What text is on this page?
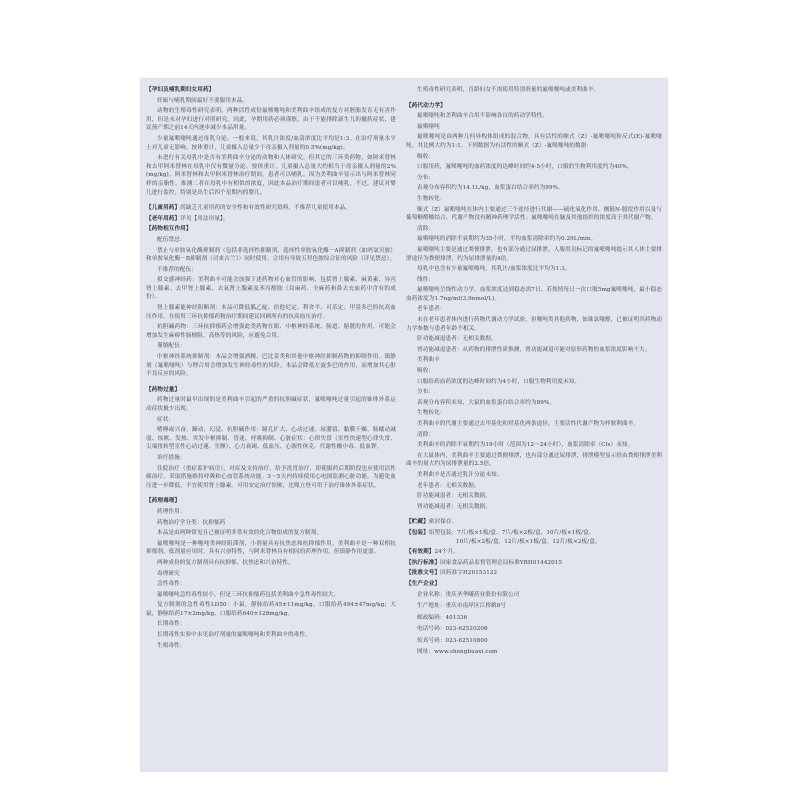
【孕妇及哺乳期妇女用药】
妊娠与哺乳期间最好不要服用本品。
动物的生殖毒性研究表明，两种活性成份氟哌噻吨和美利曲辛组成的复方对胚胎发育无有害作用，但是未对孕妇进行对照研究。因此，孕期用药必须谨慎，由于不能排除新生儿的撤药症状，建议预产期之前14天内逐步减少本品用量。
少量氟哌噻吨通过母乳分泌。一般来说，其乳汁浓度/血清浓度比平均是1:3。在治疗剂量水平上对儿童无影响。按体重计，儿童摄入总量少于母亲摄入剂量的0.5%(mg/kg)。
未进行有关母乳中是否有美利曲辛分泌的动物和人体研究。但其它的三环类药物，如阿米替林和去甲阿米替林在母乳中仅有微量分泌。按体重计，儿童摄入总量大约相当于母亲摄入剂量的2%(mg/kg)。阿米替林和去甲阿米替林治疗期间，患者可以哺乳。因为美利曲辛显示出与阿米替林同样的亲脂性，推测二者在母乳中有相似的浓度，因此本品治疗期间患者可以哺乳。不过，建议对婴儿进行监控，特别是出生后四个星期内的婴儿。
【儿童用药】尚缺乏儿童用药的安全性和有效性研究资料，不推荐儿童使用本品。
【老年用药】详见【用法用量】。
【药物相互作用】
配伍禁忌：
禁止与单胺氧化酶抑制剂（包括非选择性抑制剂、选择性单胺氧化酶－A抑制剂（如吗氯贝胺）和单胺氧化酶－B抑制剂（司来吉兰））同时使用，合用有导致五羟色胺综合征的风险（详见禁忌）。
不推荐的配伍：
拟交感神经药：美利曲辛可能会加强下述药物对心血管的影响，包括肾上腺素、麻黄素、异丙肾上腺素、去甲肾上腺素、去氧肾上腺素及苯丙醇胺（局麻药、全麻药和鼻去充血药中含有的成份）。
肾上腺素能神经阻断剂：本品可降低胍乙啶、倍他尼定、利舍平、可乐定、甲基多巴的抗高血压作用。在使用三环抗抑郁药物治疗期间建议回顾所有的抗高血压治疗。
抗胆碱药物：三环抗抑郁药会增强此类药物在眼、中枢神经系统、肠道、膀胱的作用，可能会增加发生麻痹性肠梗阻、高热等的风险，应避免合用。
谨慎配伍：
中枢神经系统抑制剂：本品会增强酒精、巴比妥类和其他中枢神经抑制药物的抑制作用。镇静剂（氟哌噻吨）与锂合用会增加发生神经毒性的风险。本品会降低左旋多巴的作用，而增加其心脏不良反应的风险。
【药物过量】
药物过量时最早出现的是美利曲辛引起的严重的抗胆碱症状，氟哌噻吨过量引起的锥体外系运动症状极少出现。
症状：
嗜睡或兴奋、躁动、幻觉、抗胆碱作用：瞳孔扩大、心动过速、尿潴留、黏膜干燥、肠蠕动减弱、惊厥、发热、突发中枢抑制、昏迷、呼吸抑制、心脏症状：心律失常（室性快速型心律失常、尖端扭转型室性心动过速、室颤）、心力衰竭、低血压、心源性休克、代谢性酸中毒、低血钾。
治疗措施：
住院治疗（重症监护病房），对症及支持治疗，给予洗胃治疗，即使服药后期阶段也应使用活性碳治疗。采取措施维持呼吸和心血管系统功能。3～5天内持续使用心电图监测心脏功能。为避免血压进一步降低，不宜使用肾上腺素。可用安定治疗惊厥，比哌立登可用于治疗锥体外系症状。
【药理毒理】
药理作用：
药物治疗学分类：抗抑郁药
本品是由两种常见且已被证明非常有效的化合物组成的复方制剂。
氟哌噻吨是一种噻吨类神经阻滞剂，小剂量具有抗焦虑和抗抑郁作用。美利曲辛是一种双相抗抑郁剂，低剂量应用时，具有兴奋特性，与阿米替林具有相同的药理作用，但镇静作用更弱。
两种成份的复方制剂具有抗抑郁、抗焦虑和兴奋特性。
毒理研究
急性毒性：
氟哌噻吨急性毒性较小，但是三环抗抑郁药包括美利曲辛急性毒性较大。
复方制剂的急性毒性LD50：小鼠，静脉给药45±11mg/kg，口服给药494±47mg/kg；大鼠，静脉给药17±2mg/kg，口服给药640±128mg/kg。
长期毒性：
长期毒性实验中未见治疗剂量的氟哌噻吨和美利曲辛的毒性。
生殖毒性：
生殖毒性研究表明，育龄妇女不需使用特别剂量的氟哌噻吨或美利曲辛。
【药代动力学】
氟哌噻吨和美利曲辛合用不影响各自的药动学特性。
氟哌噻吨
氟哌噻吨是由两种几何异构体组成的混合物，具有活性的顺式（Z）-氟哌噻吨和反式(E)-氟哌噻吨，其比例大约为1:1。下列数据为有活性的顺式（Z）-氟哌噻吨的数据：
吸收：
口服用药，氟哌噻吨的血药浓度的达峰时间约4-5小时，口服的生物利用度约为40%。
分布：
表观分布容积约为14.1L/kg，血浆蛋白结合率约为99%。
生物转化：
顺式（Z）氟哌噻吨在体内主要通过三个途径进行代谢——硫化氧化作用、侧链N-脱烷作用以及与葡萄糖醛酸结合，代谢产物没有精神药理学活性。氟哌噻吨在脑及其他组织的浓度高于其代谢产物。
清除：
氟哌噻吨的消除半衰期约为35小时，平均血浆清除率约为0.29L/min。
氟哌噻吨主要是通过粪便排泄，也有部分通过尿排泄。人服用氘标记的氟哌噻吨提示其人体主要排泄途径为粪便排泄，约为尿排泄量的4倍。
母乳中也含有少量氟哌噻吨，其乳汁/血浆浓度比平均为1:3。
线性：
氟哌噻吨呈线性动力学，血浆浓度达到稳态需7日。若按照每日一次口服5mg氟哌噻吨，最小稳态血药浓度为1.7ng/ml(3.9nmol/L)。
老年患者：
未在老年患者体内进行药物代谢动力学试验，但噻吨类其他药物，如珠氯噻醇，已被证明其药物动力学参数与患者年龄不相关。
肝功能减退患者：无相关数据。
肾功能减退患者：从药物的排泄性质推测，肾功能减退可能对原形药物的血浆浓度影响不大。
美利曲辛
吸收：
口服给药血药浓度的达峰时间约为4小时，口服生物利用度未知。
分布：
表观分布容积未知，大鼠的血浆蛋白结合率约为89%。
生物转化：
美利曲辛的代谢主要通过去甲基化和羟基化两条途径，主要活性代谢产物为仲胺利曲辛。
清除：
美利曲辛的消除半衰期约为19小时（范围为12～24小时），血浆清除率（Cls）未知。
在大鼠体内，美利曲辛主要通过粪便排泄，也有部分通过尿排泄，排泄模型显示经由粪便排泄美利曲辛的量大约为尿排泄量的2.5倍。
美利曲辛是否通过乳汁分泌未知。
老年患者：无相关数据。
肝功能减退者：无相关数据。
肾功能减退者：无相关数据。
【贮藏】密封保存。
【包装】铝塑包装：7片/板×1板/盒、7片/板×2板/盒、10片/板×1板/盒、
10片/板×2板/盒、12片/板×1板/盒、12片/板×2板/盒。
【有效期】24个月。
【执行标准】国家食品药品监督管理总局标准YBH01442015
【批准文号】国药准字H20153122
【生产企业】
企业名称：重庆圣华曦药业股份有限公司
生产地址：重庆市南岸区江桥路8号
邮政编码：401336
电话号码：023-62520206
传真号码：023-62510800
网址：www.shenghuaxi.com
